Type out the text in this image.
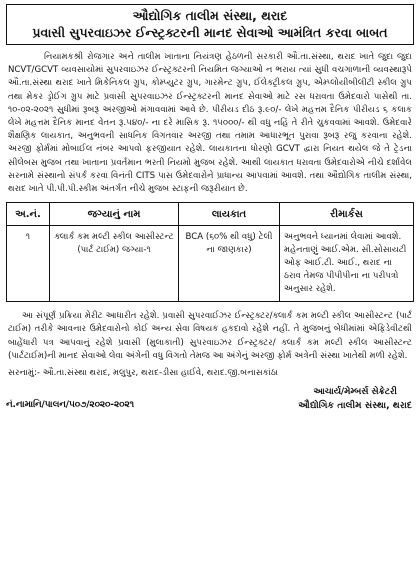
ઔદ્યોગિક તાલીમ સંસ્થા, થરાદ
પ્રવાસી સુપરવાઇઝર ઈન્સ્ટ્રક્ટરની માનદ સેવાઓ આમંત્રિત કરવા બાબત
નિયામકશ્રી રોજગાર અને તાલીમ ખાતાના નિયંત્રણ હેઠળની સરકારી ઔ.તા.સંસ્થા, થરાદ ખાતે જુદા જુદા NCVT/GCVT વ્યવસાયોમાં સુપરવાઇઝર ઈન્સ્ટ્રક્ટરની નિયમિત જગ્યાઓ ન ભરાય ત્યાં સુધી વચગાળાની વ્યવસ્થારૂપે ઔ.તા.સંસ્થા થરાદ ખાતે મિકેનિકલ ગ્રુપ, કોમ્પ્યુટર ગ્રુપ, ગારમેન્ટ ગ્રુપ, ઈલેક્ટ્રીકલ ગ્રુપ, એમ્પ્લોયીબીલીટી સ્કીલ ગ્રુપ તથા મેકર ડ્રોઈંગ ગ્રુપ માટે પ્રવાસી સુપરવાઇઝર ઈન્સ્ટ્રક્ટરની માનદ સેવાઓ માટે રસ ધરાવતા ઉમેદવારો પાસેથી તા. ૧૦-૦૨-૨૦૨૧ સુધીમાં રૂબરૂ અરજીઓ મંગાવવામાં આવે છે. પીરીયડ દીઠ રૂ.૯૦/- લેખે મહત્તમ દૈનિક પીરીયડ ૬ કલાક લેખે મહત્તમ દૈનિક માનદ વેતન રૂ.૫૪૦/- ના દરે માસિક રૂ. ૧૫૦૦૦/- થી વધુ નહિં તે રીતે ચુકવવામાં આવશે. ઉમેદવારે શૈક્ષણિક લાયકાત, અનુભવની સાધનિક વિગતવાર અરજી તથા તમામ આધારભૂત પુરાવા રૂબરૂ રજુ કરવાના રહેશે. અરજી ફોર્મમાં મોબાઈલ નંબર આપવો ફરજીયાત રહેશે. લાયકાતના ધોરણો GCVT દ્વારા નિયત થયેલ જે તે ટ્રેડના સીલેબસ મુજબ તથા ખાતાના પ્રવર્તમાન ભરતી નિયમો મુજબ રહેશે. આથી લાયકાત ધરાવતા ઉમેદવારોએ નીચે દર્શાવેલ સરનામે સંસ્થાનો સંપર્ક કરવા વિનંતી CITS પાસ ઉમેદવારોને પ્રાધાન્ય આપવામાં આવશે. તથા ઔદ્યોગિક તાલીમ સંસ્થા, થરાદ ખાતે પી.પી.પી.સ્કીમ અંતર્ગત નીચે મુજબ સ્ટાફની જરૂરીયાત છે.
અ.નં.	જગ્યાનું નામ	લાયકાત	રીમાર્કસ
૧	ક્લાર્ક કમ મલ્ટી સ્કીલ આસીસ્ટન્ટ (પાર્ટ ટાઈમ) જગ્યા-૧	BCA (૬૦% થી વધુ) ટેલી ના જાણકાર)	અનુભવને ધ્યાનમાં લેવામાં આવશે. મહેનતાણું આઈ.એમ. સી.સોસાયટી ઓફ આઈ.ટી. આઈ., થરાદ ના ઠરાવ તેમજ પીપીપીના ના પરીપત્રો અનુસાર રહેશે.
આ સંપૂર્ણ પ્રક્રિયા મેરીટ આધારીત રહેશે. પ્રવાસી સુપરવાઈઝર ઈન્સ્ટ્રક્ટર/ક્લાર્ક કમ મલ્ટી સ્કીલ આસીસ્ટન્ટ (પાર્ટ ટાઈમ) તરીકે આવનાર ઉમેદવારોનો કોઈ અન્ય સેવા વિષયક હકદાવો રહેશે નહીં. તે મુજબનું બેધીમાંમાં એફિડેવીટથી બાહેંધારી પત્ર આપવાનું રહેશે પ્રવાસી (મુલાકાતી) સુપરવાઇઝર ઈન્સ્ટ્રક્ટર/ ક્લાર્ક કમ મલ્ટી સ્કીલ આસીસ્ટન્ટ (પાર્ટટાઈમ)ની માનદ સેવાઓ લેવા અંગેની વધુ વિગતો તેમજ આ અંગેનું અરજી ફોર્મ અત્રેની સંસ્થા ખાતેથી મળી રહેશે.
સરનામું:- ઔ.તા.સંસ્થા થરાદ, મલુપુર, થરાદ-ડીસા હાઈવે, થરાદ.જી.બનાસકાંઠા
નં.નામાનિ/પાલન/૫૦૭/૨૦૨૦-૨૦૨૧
આચાર્ય/મેમ્બર્સ સેક્રેટરી
ઔદ્યોગિક તાલીમ સંસ્થા, થરાદ
